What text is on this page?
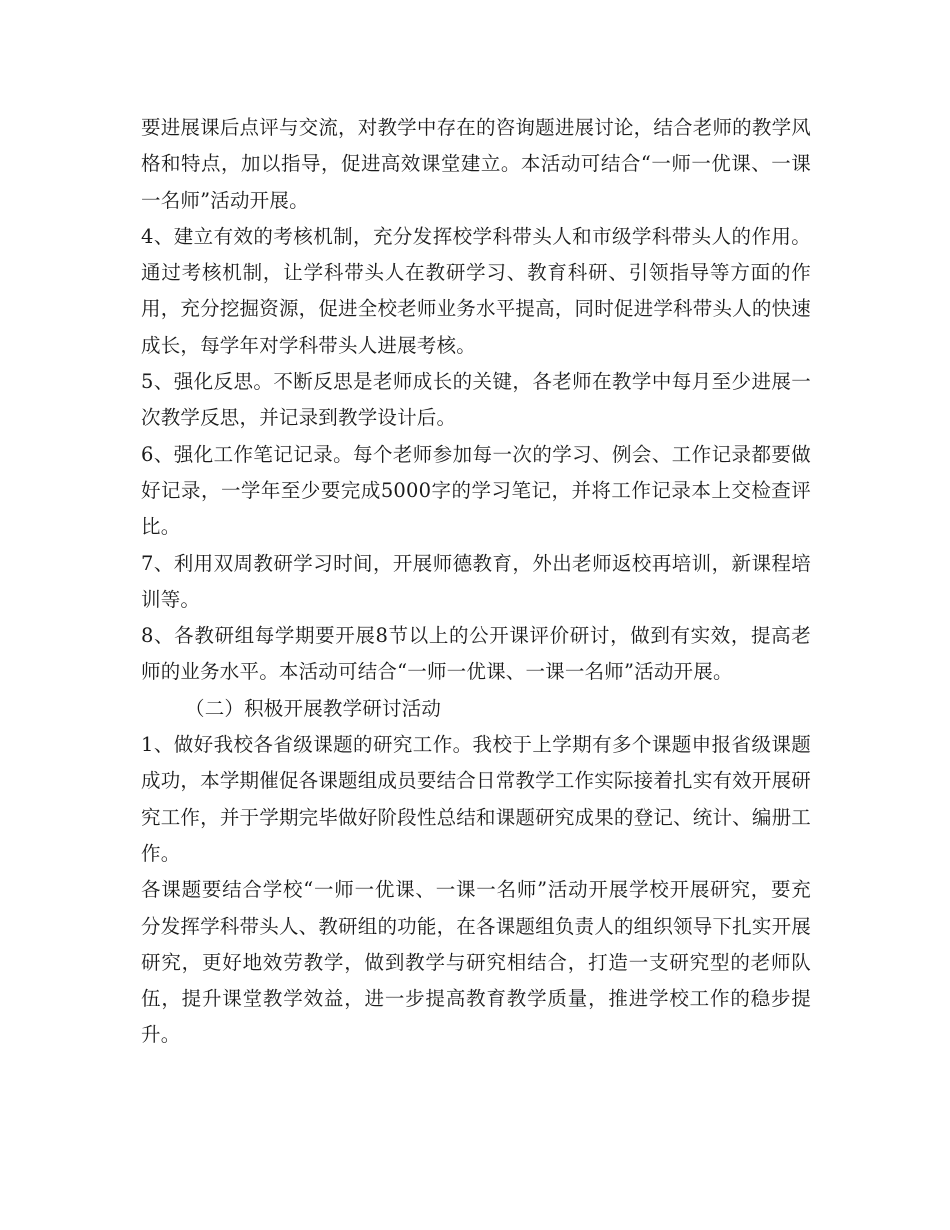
要进展课后点评与交流，对教学中存在的咨询题进展讨论，结合老师的教学风格和特点，加以指导，促进高效课堂建立。本活动可结合“一师一优课、一课一名师”活动开展。

4、建立有效的考核机制，充分发挥校学科带头人和市级学科带头人的作用。通过考核机制，让学科带头人在教研学习、教育科研、引领指导等方面的作用，充分挖掘资源，促进全校老师业务水平提高，同时促进学科带头人的快速成长，每学年对学科带头人进展考核。

5、强化反思。不断反思是老师成长的关键，各老师在教学中每月至少进展一次教学反思，并记录到教学设计后。

6、强化工作笔记记录。每个老师参加每一次的学习、例会、工作记录都要做好记录，一学年至少要完成5000字的学习笔记，并将工作记录本上交检查评比。

7、利用双周教研学习时间，开展师德教育，外出老师返校再培训，新课程培训等。

8、各教研组每学期要开展8节以上的公开课评价研讨，做到有实效，提高老师的业务水平。本活动可结合“一师一优课、一课一名师”活动开展。

（二）积极开展教学研讨活动

1、做好我校各省级课题的研究工作。我校于上学期有多个课题申报省级课题成功，本学期催促各课题组成员要结合日常教学工作实际接着扎实有效开展研究工作，并于学期完毕做好阶段性总结和课题研究成果的登记、统计、编册工作。

各课题要结合学校“一师一优课、一课一名师”活动开展学校开展研究，要充分发挥学科带头人、教研组的功能，在各课题组负责人的组织领导下扎实开展研究，更好地效劳教学，做到教学与研究相结合，打造一支研究型的老师队伍，提升课堂教学效益，进一步提高教育教学质量，推进学校工作的稳步提升。
